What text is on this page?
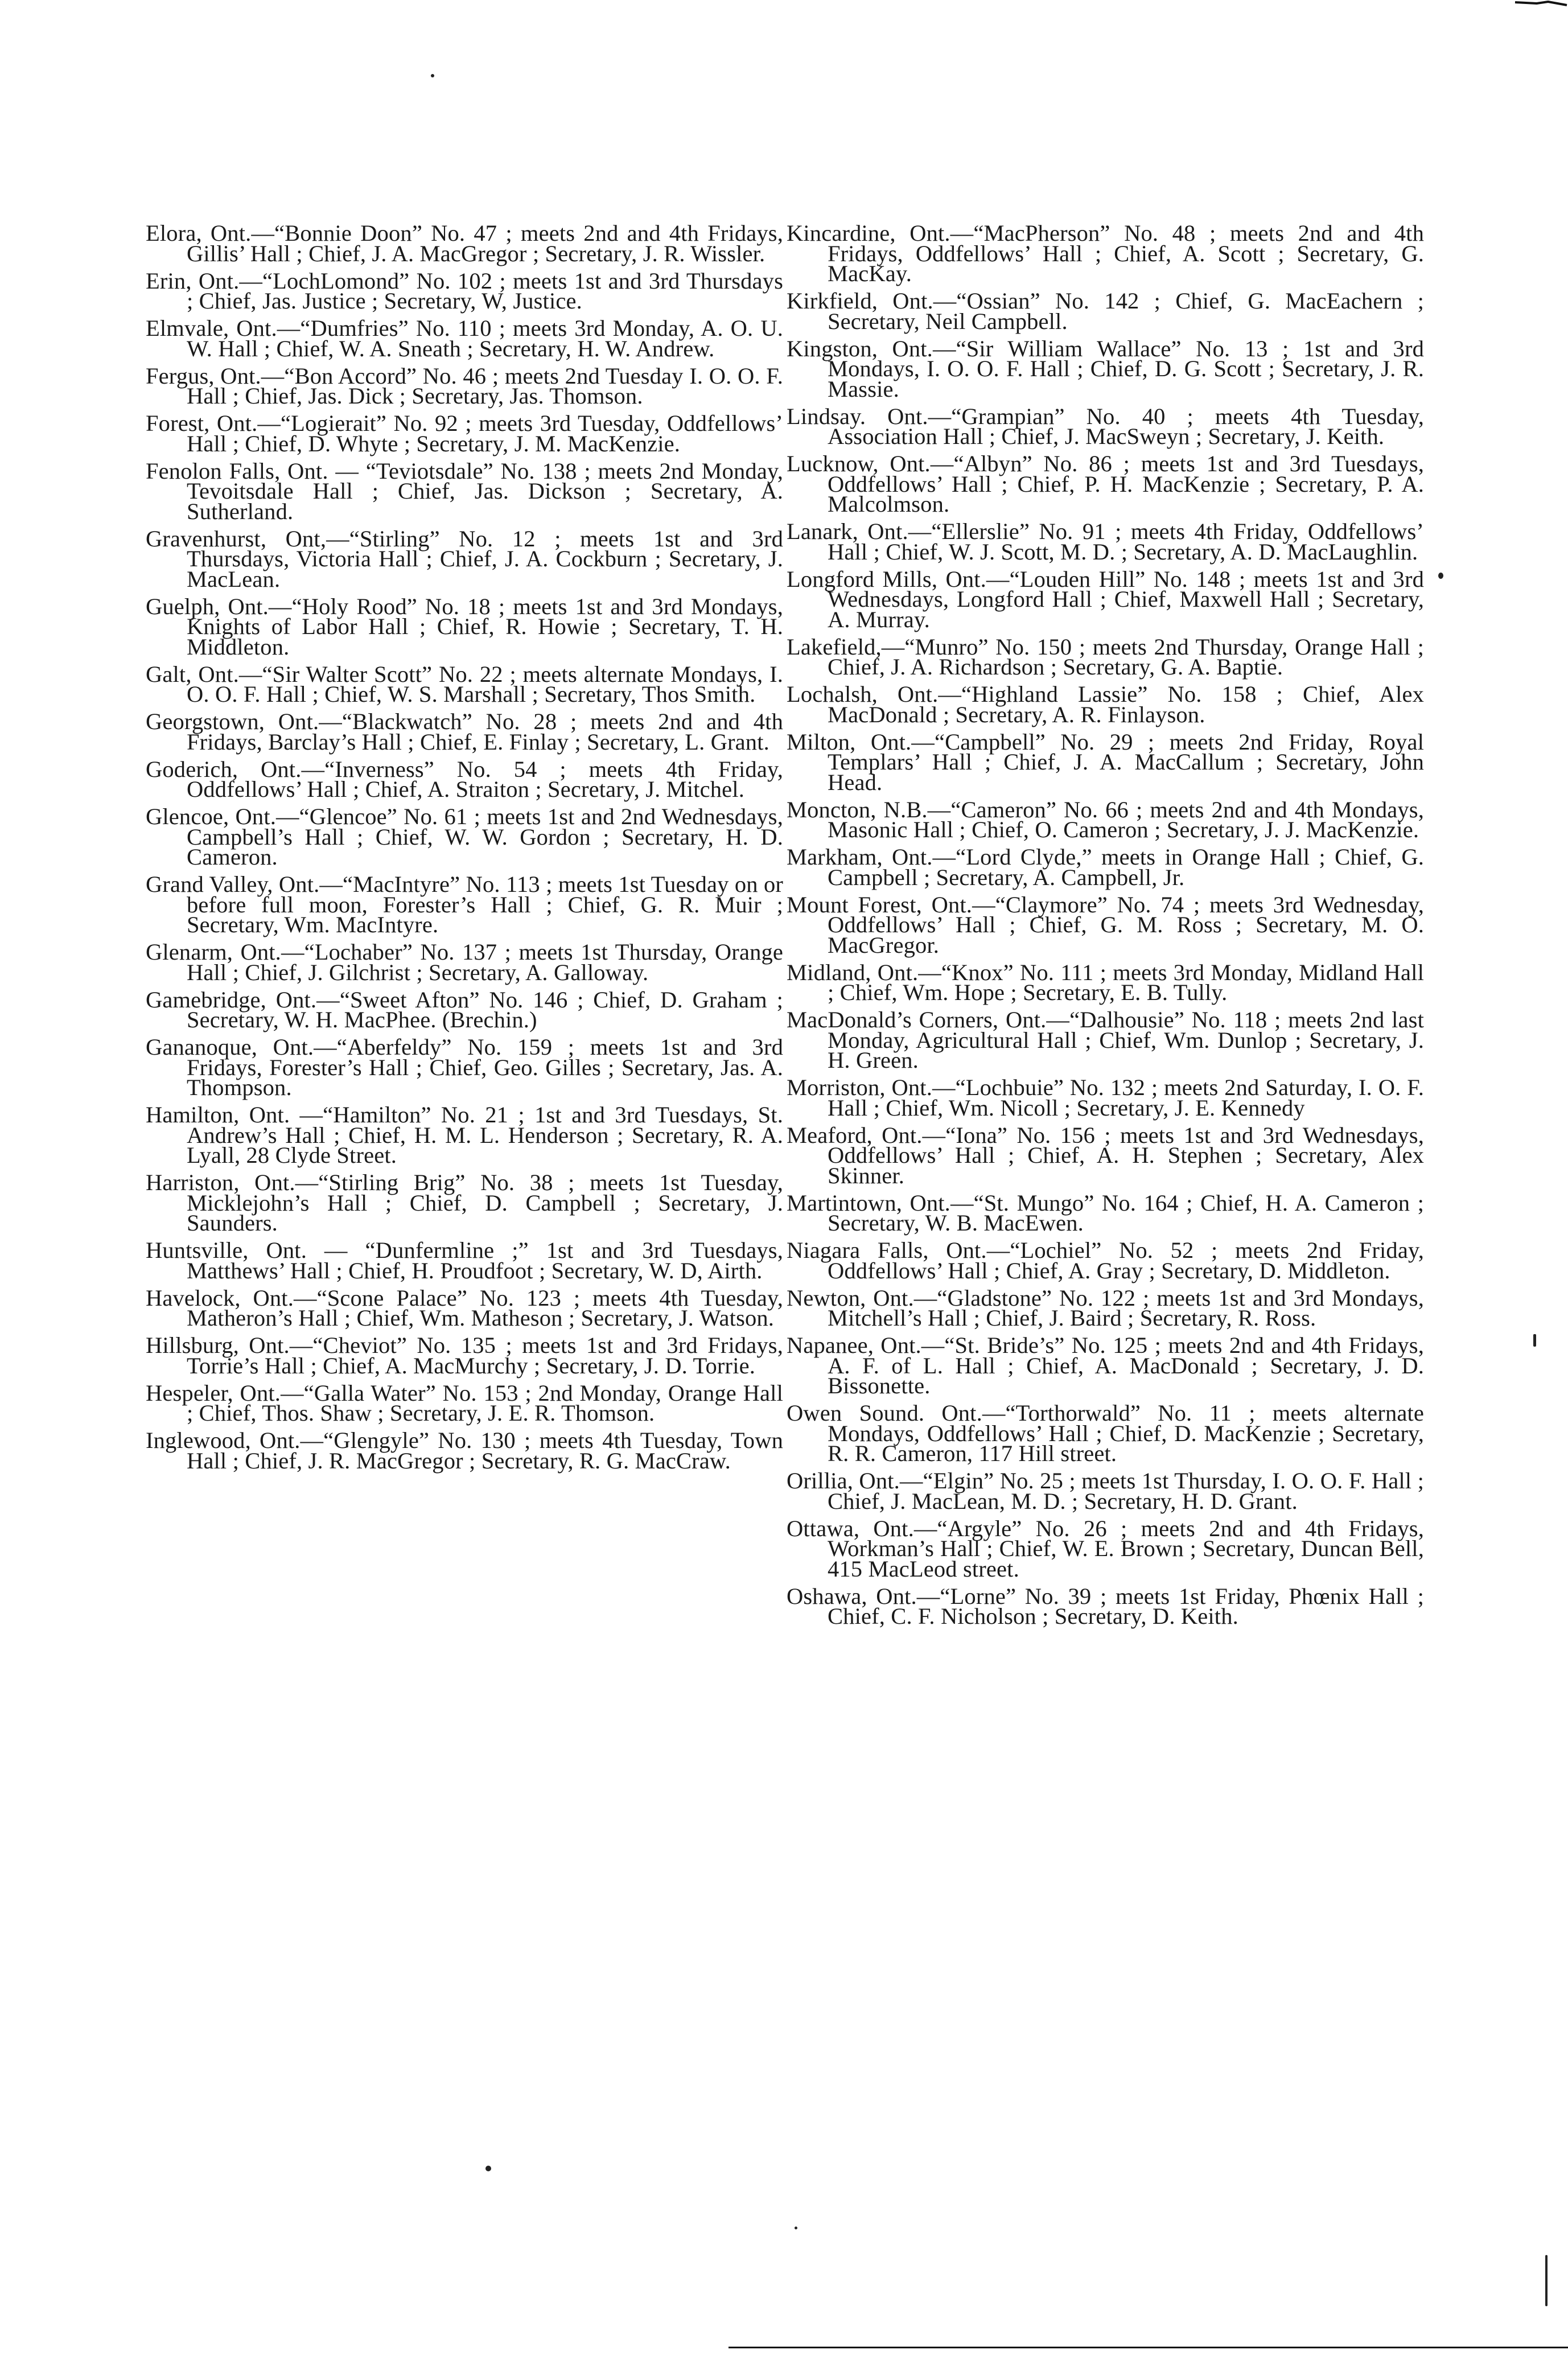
Elora, Ont.—“Bonnie Doon” No. 47 ; meets 2nd and 4th Fridays, Gillis’ Hall ; Chief, J. A. MacGregor ; Secretary, J. R. Wissler.

Erin, Ont.—“LochLomond” No. 102 ; meets 1st and 3rd Thursdays ; Chief, Jas. Justice ; Secretary, W, Justice.

Elmvale, Ont.—“Dumfries” No. 110 ; meets 3rd Monday, A. O. U. W. Hall ; Chief, W. A. Sneath ; Secretary, H. W. Andrew.

Fergus, Ont.—“Bon Accord” No. 46 ; meets 2nd Tuesday I. O. O. F. Hall ; Chief, Jas. Dick ; Secretary, Jas. Thomson.

Forest, Ont.—“Logierait” No. 92 ; meets 3rd Tuesday, Oddfellows’ Hall ; Chief, D. Whyte ; Secretary, J. M. MacKenzie.

Fenolon Falls, Ont. — “Teviotsdale” No. 138 ; meets 2nd Monday, Tevoitsdale Hall ; Chief, Jas. Dickson ; Secretary, A. Sutherland.

Gravenhurst, Ont,—“Stirling” No. 12 ; meets 1st and 3rd Thursdays, Victoria Hall ; Chief, J. A. Cockburn ; Secretary, J. MacLean.

Guelph, Ont.—“Holy Rood” No. 18 ; meets 1st and 3rd Mondays, Knights of Labor Hall ; Chief, R. Howie ; Secretary, T. H. Middleton.

Galt, Ont.—“Sir Walter Scott” No. 22 ; meets alternate Mondays, I. O. O. F. Hall ; Chief, W. S. Marshall ; Secretary, Thos Smith.

Georgstown, Ont.—“Blackwatch” No. 28 ; meets 2nd and 4th Fridays, Barclay’s Hall ; Chief, E. Finlay ; Secretary, L. Grant.

Goderich, Ont.—“Inverness” No. 54 ; meets 4th Friday, Oddfellows’ Hall ; Chief, A. Straiton ; Secretary, J. Mitchel.

Glencoe, Ont.—“Glencoe” No. 61 ; meets 1st and 2nd Wednesdays, Campbell’s Hall ; Chief, W. W. Gordon ; Secretary, H. D. Cameron.

Grand Valley, Ont.—“MacIntyre” No. 113 ; meets 1st Tuesday on or before full moon, Forester’s Hall ; Chief, G. R. Muir ; Secretary, Wm. MacIntyre.

Glenarm, Ont.—“Lochaber” No. 137 ; meets 1st Thursday, Orange Hall ; Chief, J. Gilchrist ; Secretary, A. Galloway.

Gamebridge, Ont.—“Sweet Afton” No. 146 ; Chief, D. Graham ; Secretary, W. H. MacPhee. (Brechin.)

Gananoque, Ont.—“Aberfeldy” No. 159 ; meets 1st and 3rd Fridays, Forester’s Hall ; Chief, Geo. Gilles ; Secretary, Jas. A. Thompson.

Hamilton, Ont. —“Hamilton” No. 21 ; 1st and 3rd Tuesdays, St. Andrew’s Hall ; Chief, H. M. L. Henderson ; Secretary, R. A. Lyall, 28 Clyde Street.

Harriston, Ont.—“Stirling Brig” No. 38 ; meets 1st Tuesday, Micklejohn’s Hall ; Chief, D. Campbell ; Secretary, J. Saunders.

Huntsville, Ont. — “Dunfermline ;” 1st and 3rd Tuesdays, Matthews’ Hall ; Chief, H. Proudfoot ; Secretary, W. D, Airth.

Havelock, Ont.—“Scone Palace” No. 123 ; meets 4th Tuesday, Matheron’s Hall ; Chief, Wm. Matheson ; Secretary, J. Watson.

Hillsburg, Ont.—“Cheviot” No. 135 ; meets 1st and 3rd Fridays, Torrie’s Hall ; Chief, A. MacMurchy ; Secretary, J. D. Torrie.

Hespeler, Ont.—“Galla Water” No. 153 ; 2nd Monday, Orange Hall ; Chief, Thos. Shaw ; Secretary, J. E. R. Thomson.

Inglewood, Ont.—“Glengyle” No. 130 ; meets 4th Tuesday, Town Hall ; Chief, J. R. MacGregor ; Secretary, R. G. MacCraw.

Kincardine, Ont.—“MacPherson” No. 48 ; meets 2nd and 4th Fridays, Oddfellows’ Hall ; Chief, A. Scott ; Secretary, G. MacKay.

Kirkfield, Ont.—“Ossian” No. 142 ; Chief, G. MacEachern ; Secretary, Neil Campbell.

Kingston, Ont.—“Sir William Wallace” No. 13 ; 1st and 3rd Mondays, I. O. O. F. Hall ; Chief, D. G. Scott ; Secretary, J. R. Massie.

Lindsay. Ont.—“Grampian” No. 40 ; meets 4th Tuesday, Association Hall ; Chief, J. MacSweyn ; Secretary, J. Keith.

Lucknow, Ont.—“Albyn” No. 86 ; meets 1st and 3rd Tuesdays, Oddfellows’ Hall ; Chief, P. H. MacKenzie ; Secretary, P. A. Malcolmson.

Lanark, Ont.—“Ellerslie” No. 91 ; meets 4th Friday, Oddfellows’ Hall ; Chief, W. J. Scott, M. D. ; Secretary, A. D. MacLaughlin.

Longford Mills, Ont.—“Louden Hill” No. 148 ; meets 1st and 3rd Wednesdays, Longford Hall ; Chief, Maxwell Hall ; Secretary, A. Murray.

Lakefield,—“Munro” No. 150 ; meets 2nd Thursday, Orange Hall ; Chief, J. A. Richardson ; Secretary, G. A. Baptie.

Lochalsh, Ont.—“Highland Lassie” No. 158 ; Chief, Alex MacDonald ; Secretary, A. R. Finlayson.

Milton, Ont.—“Campbell” No. 29 ; meets 2nd Friday, Royal Templars’ Hall ; Chief, J. A. MacCallum ; Secretary, John Head.

Moncton, N.B.—“Cameron” No. 66 ; meets 2nd and 4th Mondays, Masonic Hall ; Chief, O. Cameron ; Secretary, J. J. MacKenzie.

Markham, Ont.—“Lord Clyde,” meets in Orange Hall ; Chief, G. Campbell ; Secretary, A. Campbell, Jr.

Mount Forest, Ont.—“Claymore” No. 74 ; meets 3rd Wednesday, Oddfellows’ Hall ; Chief, G. M. Ross ; Secretary, M. O. MacGregor.

Midland, Ont.—“Knox” No. 111 ; meets 3rd Monday, Midland Hall ; Chief, Wm. Hope ; Secretary, E. B. Tully.

MacDonald’s Corners, Ont.—“Dalhousie” No. 118 ; meets 2nd last Monday, Agricultural Hall ; Chief, Wm. Dunlop ; Secretary, J. H. Green.

Morriston, Ont.—“Lochbuie” No. 132 ; meets 2nd Saturday, I. O. F. Hall ; Chief, Wm. Nicoll ; Secretary, J. E. Kennedy

Meaford, Ont.—“Iona” No. 156 ; meets 1st and 3rd Wednesdays, Oddfellows’ Hall ; Chief, A. H. Stephen ; Secretary, Alex Skinner.

Martintown, Ont.—“St. Mungo” No. 164 ; Chief, H. A. Cameron ; Secretary, W. B. MacEwen.

Niagara Falls, Ont.—“Lochiel” No. 52 ; meets 2nd Friday, Oddfellows’ Hall ; Chief, A. Gray ; Secretary, D. Middleton.

Newton, Ont.—“Gladstone” No. 122 ; meets 1st and 3rd Mondays, Mitchell’s Hall ; Chief, J. Baird ; Secretary, R. Ross.

Napanee, Ont.—“St. Bride’s” No. 125 ; meets 2nd and 4th Fridays, A. F. of L. Hall ; Chief, A. MacDonald ; Secretary, J. D. Bissonette.

Owen Sound. Ont.—“Torthorwald” No. 11 ; meets alternate Mondays, Oddfellows’ Hall ; Chief, D. MacKenzie ; Secretary, R. R. Cameron, 117 Hill street.

Orillia, Ont.—“Elgin” No. 25 ; meets 1st Thursday, I. O. O. F. Hall ; Chief, J. MacLean, M. D. ; Secretary, H. D. Grant.

Ottawa, Ont.—“Argyle” No. 26 ; meets 2nd and 4th Fridays, Workman’s Hall ; Chief, W. E. Brown ; Secretary, Duncan Bell, 415 MacLeod street.

Oshawa, Ont.—“Lorne” No. 39 ; meets 1st Friday, Phœnix Hall ; Chief, C. F. Nicholson ; Secretary, D. Keith.
